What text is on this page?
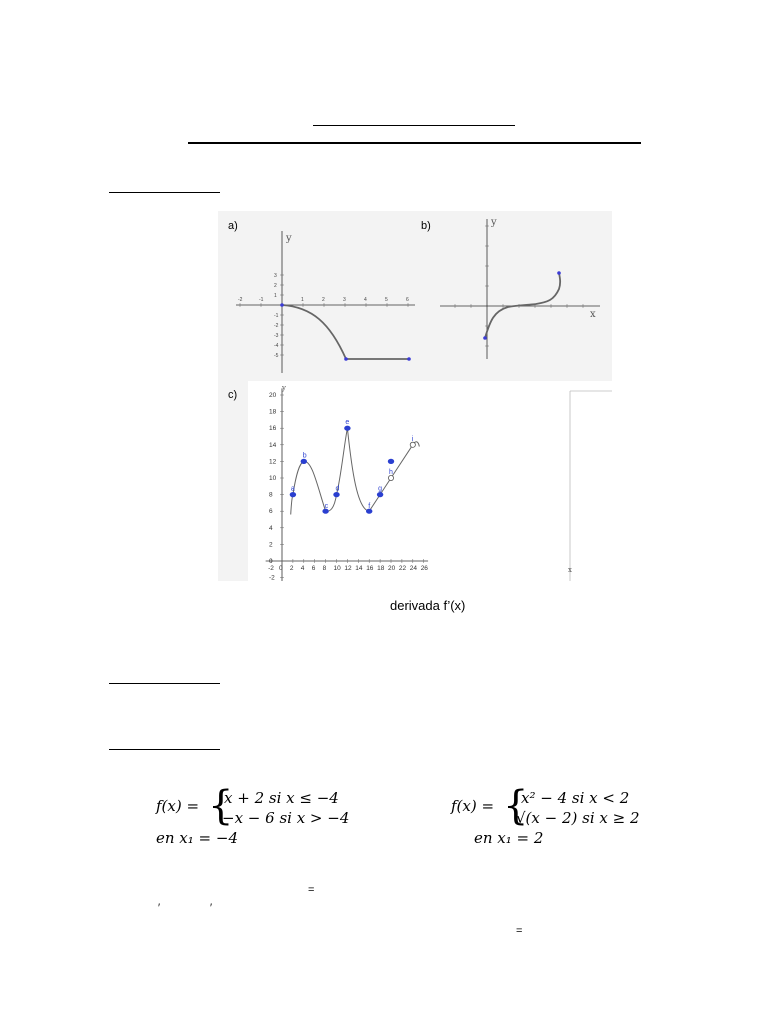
a)
y
-2	-1	1	2	3	4	5	6
3
2
1
-1
-2
-3
-4
-5
b)
x
y
c)
y
x
-2 0 2 4 6 8 10 12 14 16 18 20 22 24 26
20
18
16
14
12
10
8
6
4
2
0
-2
a
b
c
d
e
f
g
h
i
derivada f’(x)
f(x) = {
x + 2 si x ≤ −4
−x − 6 si x > −4
en x₁ = −4
f(x) = {
x² − 4 si x < 2
√(x − 2) si x ≥ 2
en x₁ = 2
=
′	′
=
